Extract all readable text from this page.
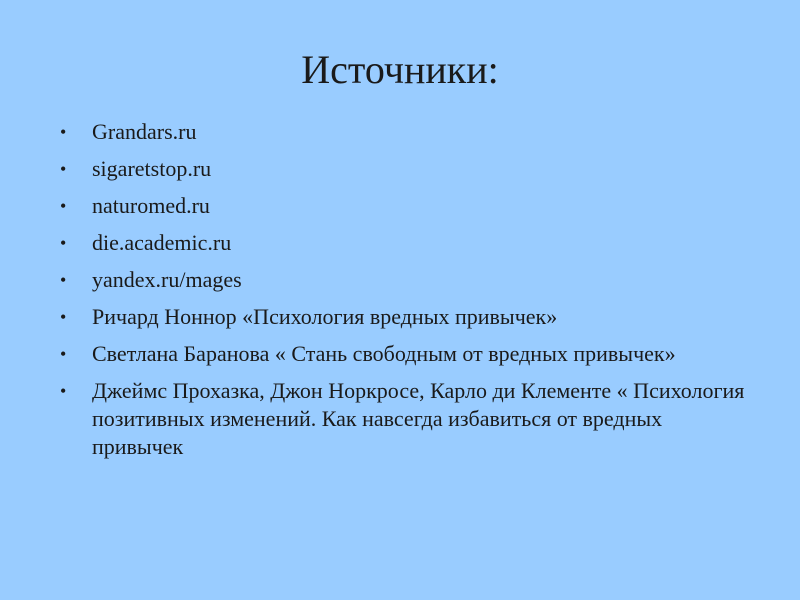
Источники:
•	Grandars.ru
•	sigaretstop.ru
•	naturomed.ru
•	die.academic.ru
•	yandex.ru/mages
•	Ричард Ноннор «Психология вредных привычек»
•	Светлана Баранова « Стань свободным от вредных привычек»
•	Джеймс Прохазка, Джон Норкросе, Карло ди Клементе « Психология позитивных изменений. Как навсегда избавиться от вредных привычек
